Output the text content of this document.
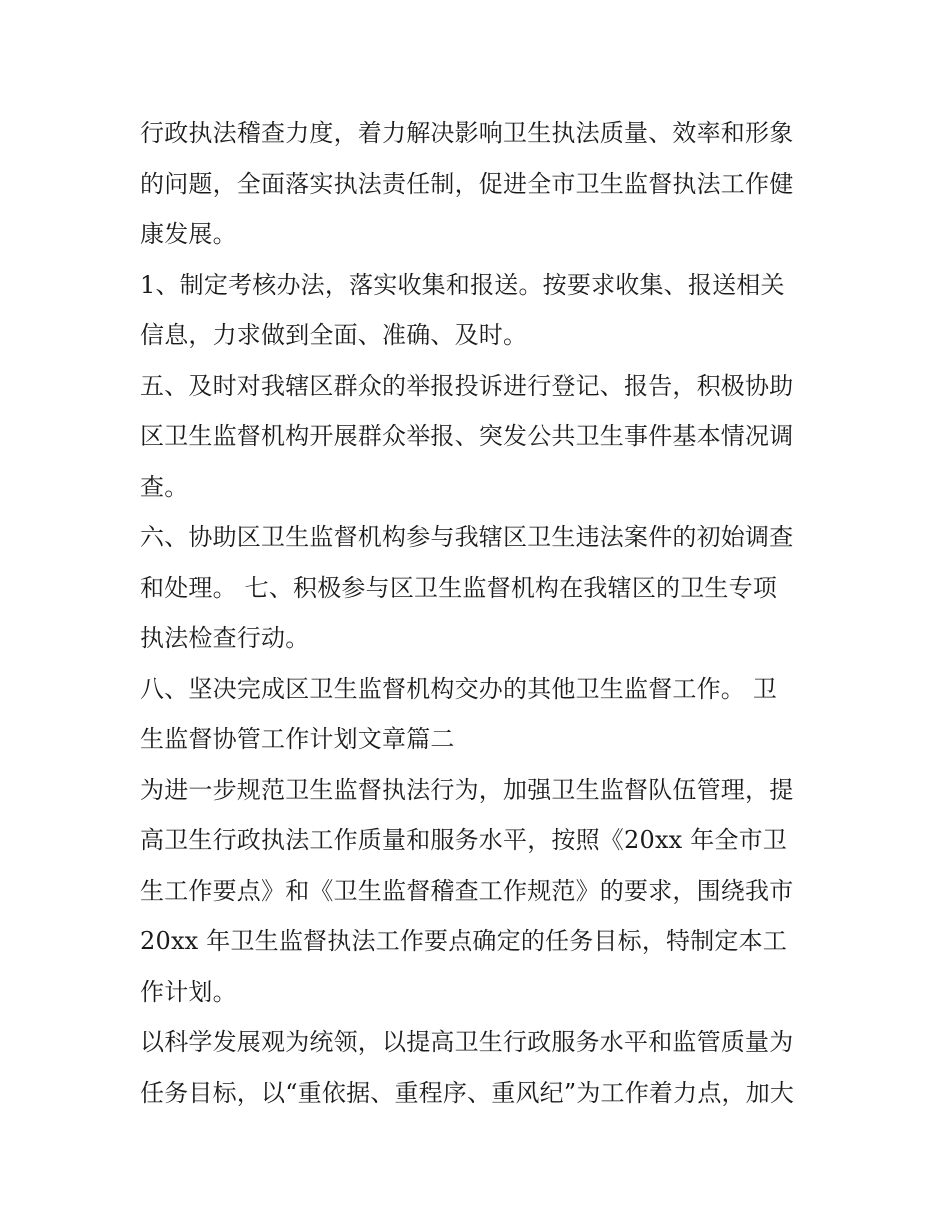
行政执法稽查力度，着力解决影响卫生执法质量、效率和形象
的问题，全面落实执法责任制，促进全市卫生监督执法工作健
康发展。
1、制定考核办法，落实收集和报送。按要求收集、报送相关
信息，力求做到全面、准确、及时。
五、及时对我辖区群众的举报投诉进行登记、报告，积极协助
区卫生监督机构开展群众举报、突发公共卫生事件基本情况调
查。
六、协助区卫生监督机构参与我辖区卫生违法案件的初始调查
和处理。 七、积极参与区卫生监督机构在我辖区的卫生专项
执法检查行动。
八、坚决完成区卫生监督机构交办的其他卫生监督工作。 卫
生监督协管工作计划文章篇二
为进一步规范卫生监督执法行为，加强卫生监督队伍管理，提
高卫生行政执法工作质量和服务水平，按照《20xx 年全市卫
生工作要点》和《卫生监督稽查工作规范》的要求，围绕我市
20xx 年卫生监督执法工作要点确定的任务目标，特制定本工
作计划。
以科学发展观为统领，以提高卫生行政服务水平和监管质量为
任务目标，以“重依据、重程序、重风纪”为工作着力点，加大
